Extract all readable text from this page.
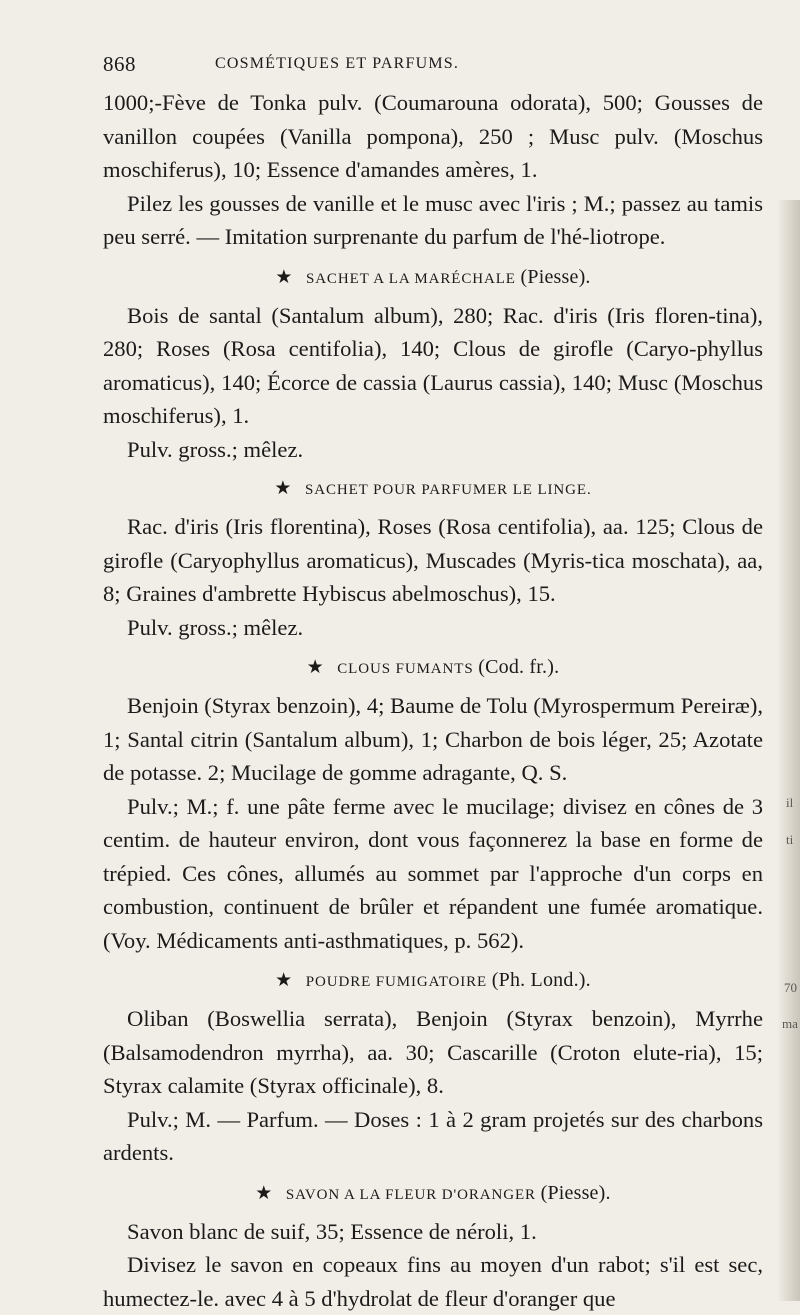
868	COSMÉTIQUES ET PARFUMS.

1000;-Fève de Tonka pulv. (Coumarouna odorata), 500; Gousses de vanillon coupées (Vanilla pompona), 250 ; Musc pulv. (Moschus moschiferus), 10; Essence d'amandes amères, 1.

Pilez les gousses de vanille et le musc avec l'iris ; M.; passez au tamis peu serré. — Imitation surprenante du parfum de l'hé-liotrope.

★ SACHET A LA MARÉCHALE (Piesse).

Bois de santal (Santalum album), 280; Rac. d'iris (Iris floren-tina), 280; Roses (Rosa centifolia), 140; Clous de girofle (Caryo-phyllus aromaticus), 140; Écorce de cassia (Laurus cassia), 140; Musc (Moschus moschiferus), 1.

Pulv. gross.; mêlez.

★ SACHET POUR PARFUMER LE LINGE.

Rac. d'iris (Iris florentina), Roses (Rosa centifolia), aa. 125; Clous de girofle (Caryophyllus aromaticus), Muscades (Myris-tica moschata), aa, 8; Graines d'ambrette Hybiscus abelmoschus), 15.

Pulv. gross.; mêlez.

★ CLOUS FUMANTS (Cod. fr.).

Benjoin (Styrax benzoin), 4; Baume de Tolu (Myrospermum Pereiræ), 1; Santal citrin (Santalum album), 1; Charbon de bois léger, 25; Azotate de potasse. 2; Mucilage de gomme adragante, Q. S.

Pulv.; M.; f. une pâte ferme avec le mucilage; divisez en cônes de 3 centim. de hauteur environ, dont vous façonnerez la base en forme de trépied. Ces cônes, allumés au sommet par l'approche d'un corps en combustion, continuent de brûler et répandent une fumée aromatique. (Voy. Médicaments anti-asthmatiques, p. 562).

★ POUDRE FUMIGATOIRE (Ph. Lond.).

Oliban (Boswellia serrata), Benjoin (Styrax benzoin), Myrrhe (Balsamodendron myrrha), aa. 30; Cascarille (Croton elute-ria), 15; Styrax calamite (Styrax officinale), 8.

Pulv.; M. — Parfum. — Doses : 1 à 2 gram projetés sur des charbons ardents.

★ SAVON A LA FLEUR D'ORANGER (Piesse).

Savon blanc de suif, 35; Essence de néroli, 1.

Divisez le savon en copeaux fins au moyen d'un rabot; s'il est sec, humectez-le. avec 4 à 5 d'hydrolat de fleur d'oranger que

il
ti
70
ma
